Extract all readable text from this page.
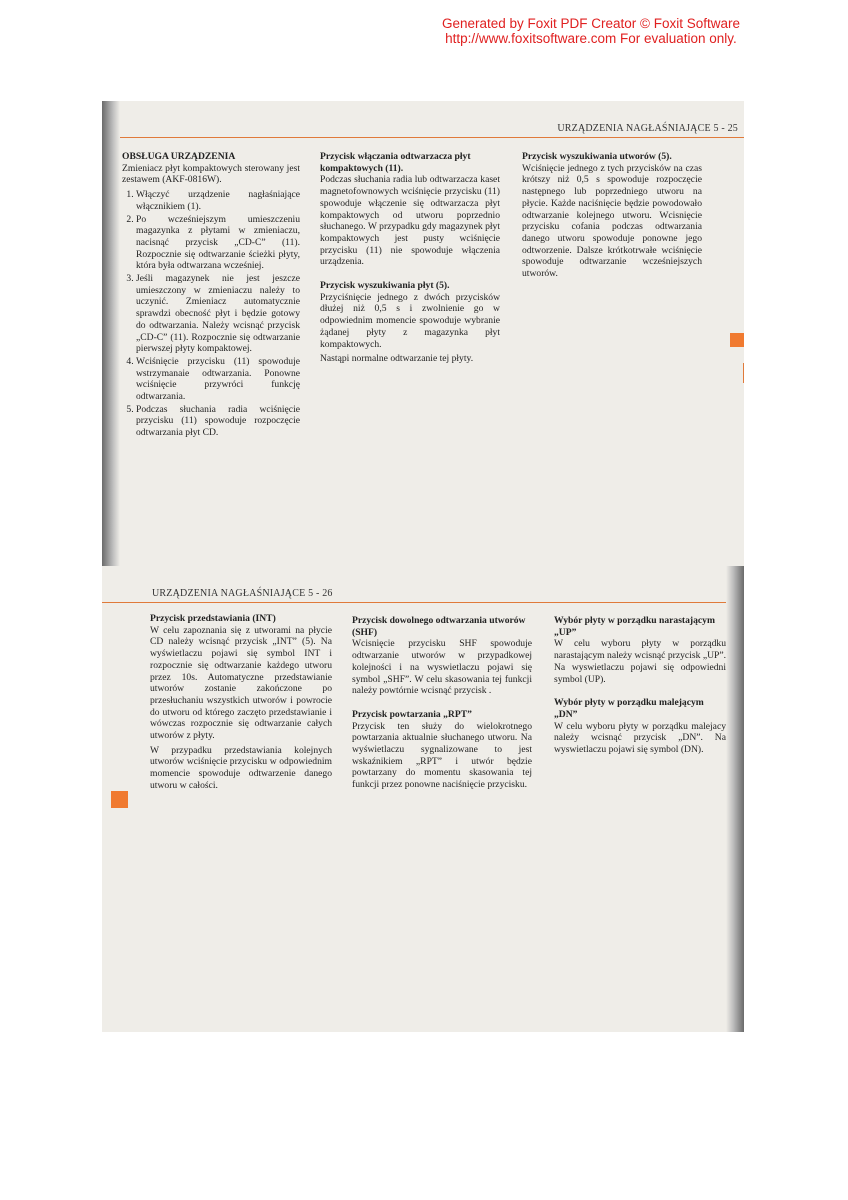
Generated by Foxit PDF Creator © Foxit Software
http://www.foxitsoftware.com For evaluation only.
URZĄDZENIA NAGŁAŚNIAJĄCE 5 - 25
OBSŁUGA URZĄDZENIA

Zmieniacz płyt kompaktowych sterowany jest zestawem (AKF-0816W).

1. Włączyć urządzenie nagłaśniające włącznikiem (1).
2. Po wcześniejszym umieszczeniu magazynka z płytami w zmieniaczu, nacisnąć przycisk „CD-C” (11). Rozpocznie się odtwarzanie ścieżki płyty, która była odtwarzana wcześniej.
3. Jeśli magazynek nie jest jeszcze umieszczony w zmieniaczu należy to uczynić. Zmieniacz automatycznie sprawdzi obecność płyt i będzie gotowy do odtwarzania. Należy wcisnąć przycisk „CD-C” (11). Rozpocznie się odtwarzanie pierwszej płyty kompaktowej.
4. Wciśnięcie przycisku (11) spowoduje wstrzymanaie odtwarzania. Ponowne wciśnięcie przywróci funkcję odtwarzania.
5. Podczas słuchania radia wciśnięcie przycisku (11) spowoduje rozpoczęcie odtwarzania płyt CD.
Przycisk włączania odtwarzacza płyt kompaktowych (11).

Podczas słuchania radia lub odtwarzacza kaset magnetofownowych wciśnięcie przycisku (11) spowoduje włączenie się odtwarzacza płyt kompaktowych od utworu poprzednio słuchanego. W przypadku gdy magazynek płyt kompaktowych jest pusty wciśnięcie przycisku (11) nie spowoduje włączenia urządzenia.

Przycisk wyszukiwania płyt (5).

Przyciśnięcie jednego z dwóch przycisków dłużej niż 0,5 s i zwolnienie go w odpowiednim momencie spowoduje wybranie żądanej płyty z magazynka płyt kompaktowych.

Nastąpi normalne odtwarzanie tej płyty.

Przycisk wyszukiwania utworów (5).

Wciśnięcie jednego z tych przycisków na czas krótszy niż 0,5 s spowoduje rozpoczęcie następnego lub poprzedniego utworu na płycie. Każde naciśnięcie będzie powodowało odtwarzanie kolejnego utworu. Wcisnięcie przycisku cofania podczas odtwarzania danego utworu spowoduje ponowne jego odtworzenie. Dalsze krótkotrwałe wciśnięcie spowoduje odtwarzanie wcześniejszych utworów.

URZĄDZENIA NAGŁAŚNIAJĄCE 5 - 26
Przycisk przedstawiania (INT)

W celu zapoznania się z utworami na płycie CD należy wcisnąć przycisk „INT” (5). Na wyświetlaczu pojawi się symbol INT i rozpocznie się odtwarzanie każdego utworu przez 10s. Automatyczne przedstawianie utworów zostanie zakończone po przesłuchaniu wszystkich utworów i powrocie do utworu od którego zaczęto przedstawianie i wówczas rozpocznie się odtwarzanie całych utworów z płyty.

W przypadku przedstawiania kolejnych utworów wciśnięcie przycisku w odpowiednim momencie spowoduje odtwarzenie danego utworu w całości.

Przycisk dowolnego odtwarzania utworów (SHF)

Wcisnięcie przycisku SHF spowoduje odtwarzanie utworów w przypadkowej kolejności i na wyswietlaczu pojawi się symbol „SHF”. W celu skasowania tej funkcji należy powtórnie wcisnąć przycisk .

Przycisk powtarzania „RPT”

Przycisk ten służy do wielokrotnego powtarzania aktualnie słuchanego utworu. Na wyświetlaczu sygnalizowane to jest wskaźnikiem „RPT” i utwór będzie powtarzany do momentu skasowania tej funkcji przez ponowne naciśnięcie przycisku.

Wybór płyty w porządku narastającym „UP”

W celu wyboru płyty w porządku narastającym należy wcisnąć przycisk „UP”. Na wyswietlaczu pojawi się odpowiedni symbol (UP).

Wybór płyty w porządku malejącym „DN”

W celu wyboru płyty w porządku malejacy należy wcisnąć przycisk „DN”. Na wyswietlaczu pojawi się symbol (DN).
